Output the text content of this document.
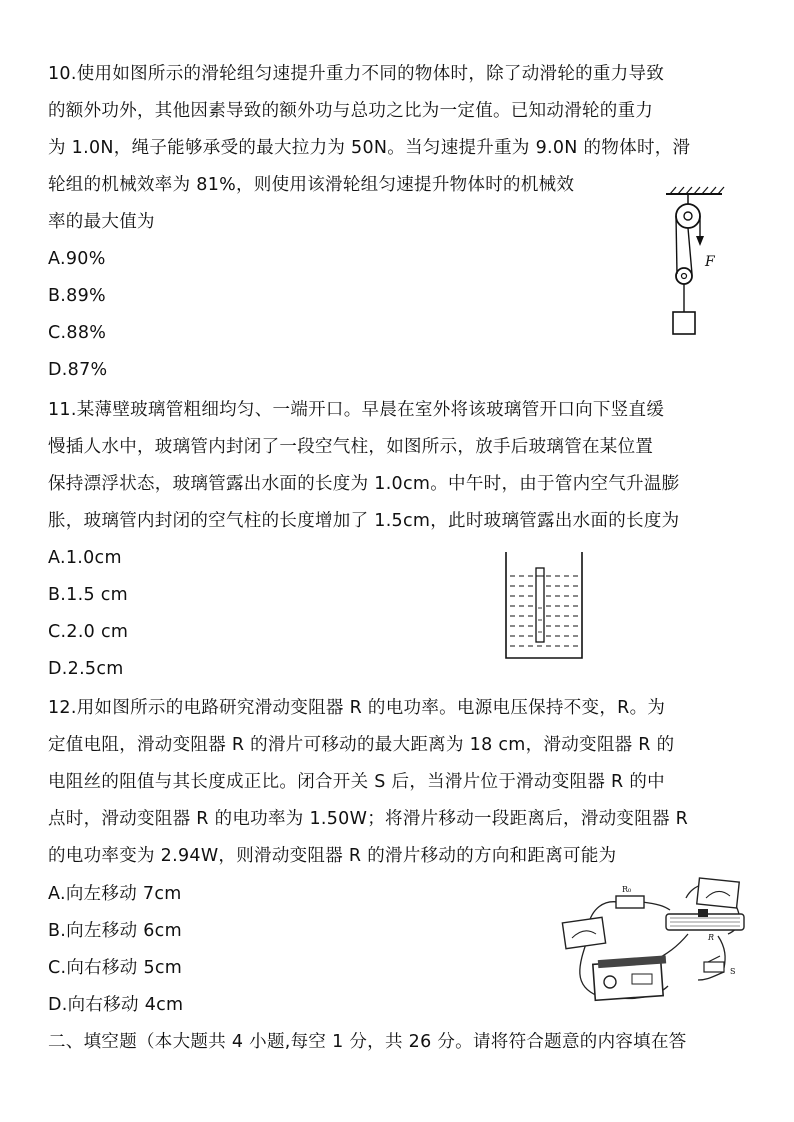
10.使用如图所示的滑轮组匀速提升重力不同的物体时，除了动滑轮的重力导致
的额外功外，其他因素导致的额外功与总功之比为一定值。已知动滑轮的重力
为 1.0N，绳子能够承受的最大拉力为 50N。当匀速提升重为 9.0N 的物体时，滑
轮组的机械效率为 81%，则使用该滑轮组匀速提升物体时的机械效
率的最大值为
A.90%
B.89%
C.88%
D.87%
F
11.某薄壁玻璃管粗细均匀、一端开口。早晨在室外将该玻璃管开口向下竖直缓
慢插人水中，玻璃管内封闭了一段空气柱，如图所示，放手后玻璃管在某位置
保持漂浮状态，玻璃管露出水面的长度为 1.0cm。中午时，由于管内空气升温膨
胀，玻璃管内封闭的空气柱的长度增加了 1.5cm，此时玻璃管露出水面的长度为
A.1.0cm
B.1.5 cm
C.2.0 cm
D.2.5cm
12.用如图所示的电路研究滑动变阻器 R 的电功率。电源电压保持不变，R。为
定值电阻，滑动变阻器 R 的滑片可移动的最大距离为 18 cm，滑动变阻器 R 的
电阻丝的阻值与其长度成正比。闭合开关 S 后，当滑片位于滑动变阻器 R 的中
点时，滑动变阻器 R 的电功率为 1.50W；将滑片移动一段距离后，滑动变阻器 R
的电功率变为 2.94W，则滑动变阻器 R 的滑片移动的方向和距离可能为
A.向左移动 7cm
B.向左移动 6cm
C.向右移动 5cm
D.向右移动 4cm
R₀
R
S
二、填空题（本大题共 4 小题,每空 1 分，共 26 分。请将符合题意的内容填在答
